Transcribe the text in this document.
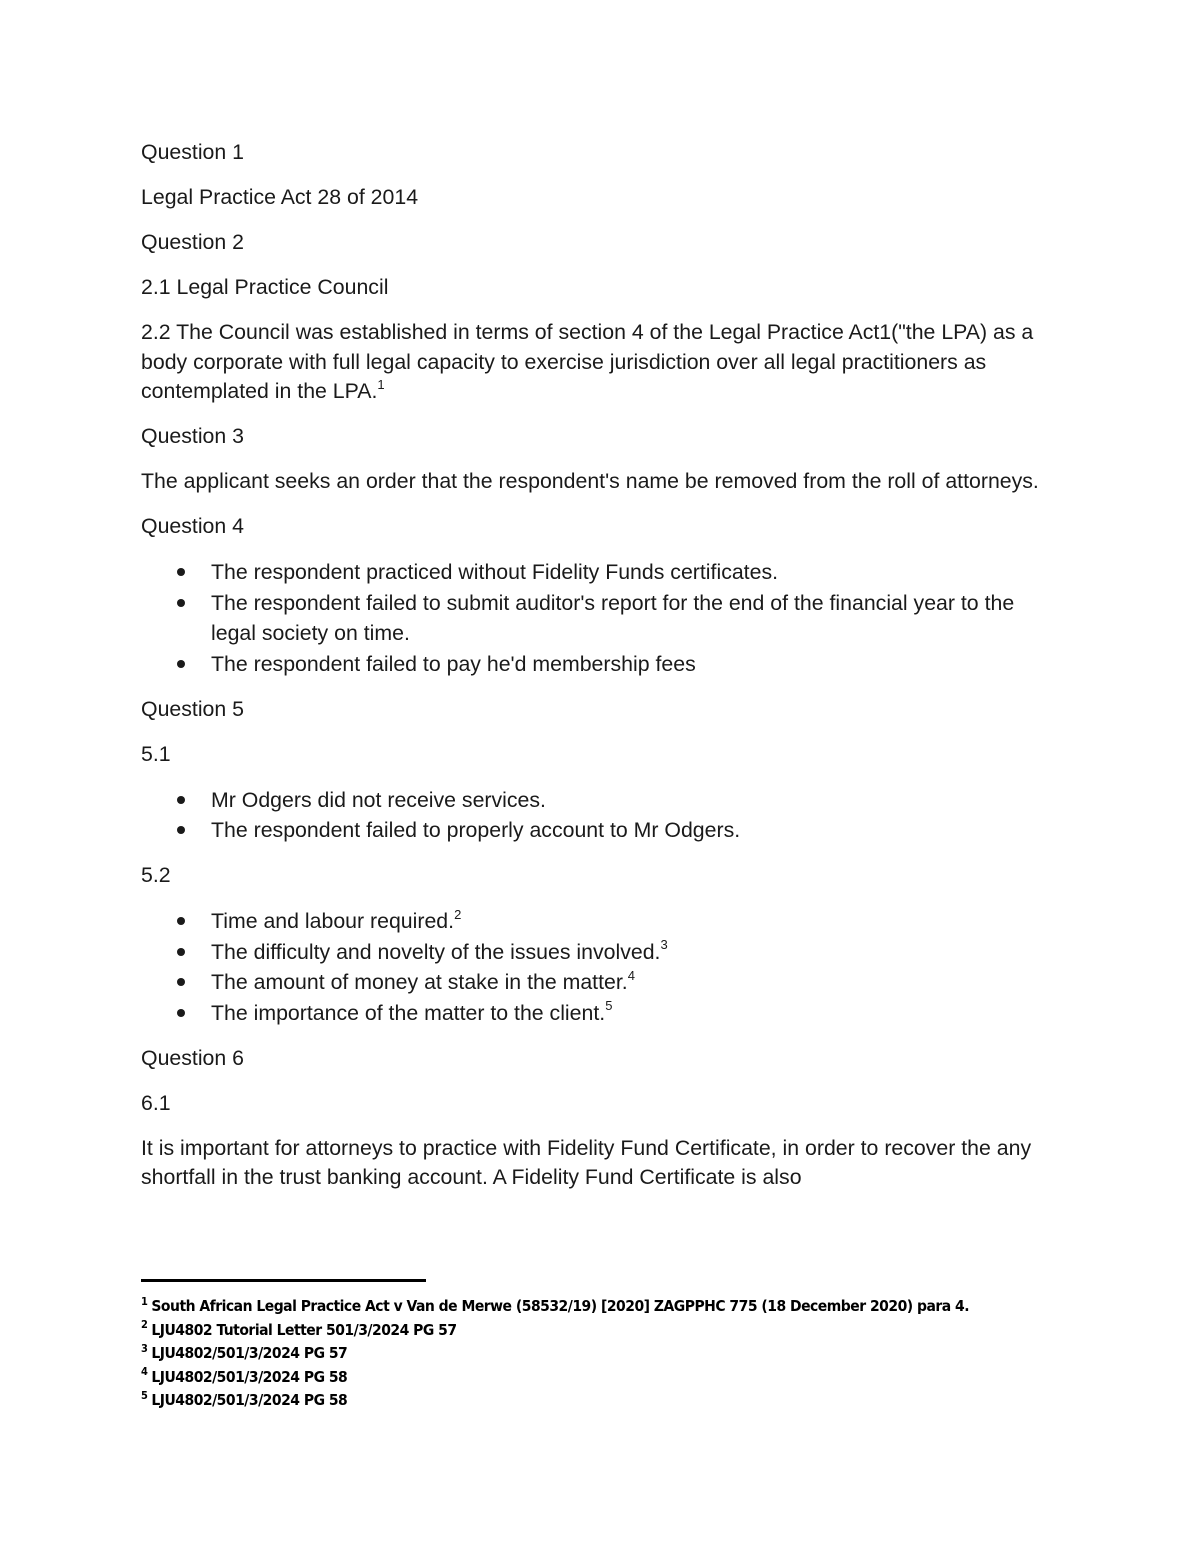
Question 1

Legal Practice Act 28 of 2014

Question 2

2.1 Legal Practice Council

2.2 The Council was established in terms of section 4 of the Legal Practice Act1("the LPA) as a body corporate with full legal capacity to exercise jurisdiction over all legal practitioners as contemplated in the LPA.$^1$

Question 3

The applicant seeks an order that the respondent's name be removed from the roll of attorneys.

Question 4

The respondent practiced without Fidelity Funds certificates.
The respondent failed to submit auditor's report for the end of the financial year to the legal society on time.
The respondent failed to pay he'd membership fees

Question 5

5.1

Mr Odgers did not receive services.
The respondent failed to properly account to Mr Odgers.

5.2

Time and labour required.$^2$
The difficulty and novelty of the issues involved.$^3$
The amount of money at stake in the matter.$^4$
The importance of the matter to the client.$^5$

Question 6

6.1

It is important for attorneys to practice with Fidelity Fund Certificate, in order to recover the any shortfall in the trust banking account. A Fidelity Fund Certificate is also

$^1$ South African Legal Practice Act v Van de Merwe (58532/19) [2020] ZAGPPHC 775 (18 December 2020) para 4.
$^2$ LJU4802 Tutorial Letter 501/3/2024 PG 57
$^3$ LJU4802/501/3/2024 PG 57
$^4$ LJU4802/501/3/2024 PG 58
$^5$ LJU4802/501/3/2024 PG 58
